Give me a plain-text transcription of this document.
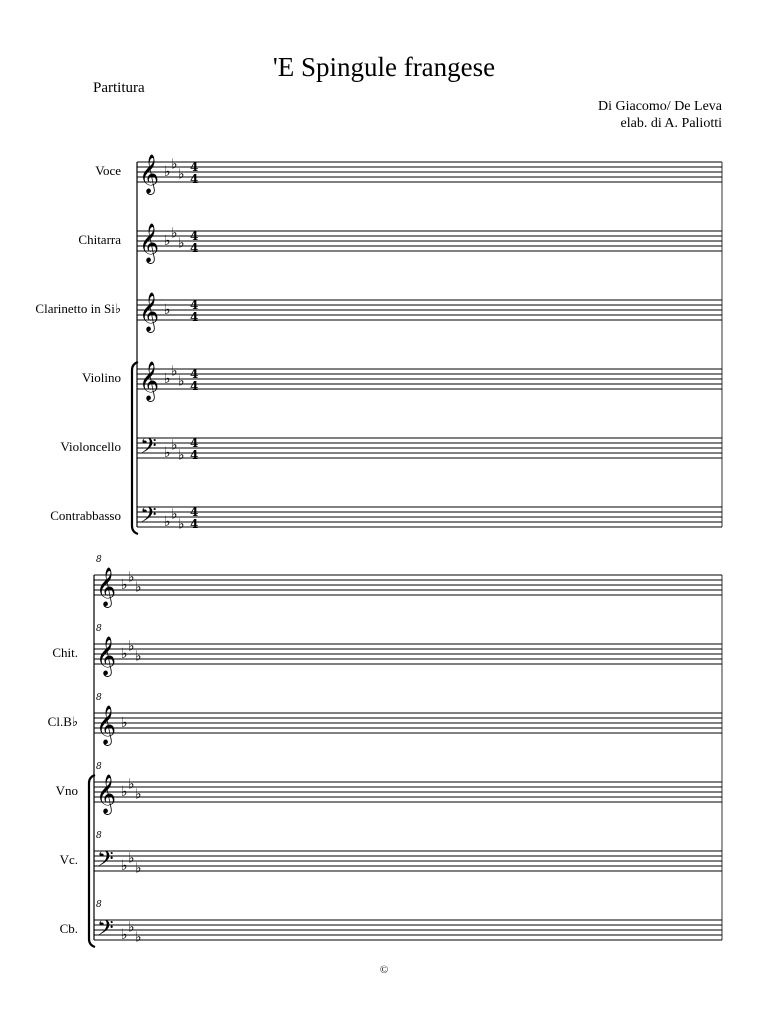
'E Spingule frangese
Partitura
Di Giacomo/ De Leva
elab. di A. Paliotti
𝄞 ♭ ♭
♭ 4
4
𝄞 ♭ ♭
♭ 4
4
𝄞 ♭ 4
4
𝄞 ♭ ♭
♭ 4
4
𝄢 ♭ ♭
♭
4
4
𝄢 ♭ ♭
♭
4
4
𝄞 ♭ ♭
♭
𝄞 ♭ ♭
♭
𝄞 ♭
𝄞 ♭ ♭
♭
𝄢 ♭ ♭
♭
𝄢 ♭ ♭
♭
8
8
8
8
8
8
Voce
Chitarra
Clarinetto in Si♭
Violino
Violoncello
Contrabbasso
Chit.
Cl.B♭
Vno
Vc.
Cb.
©
